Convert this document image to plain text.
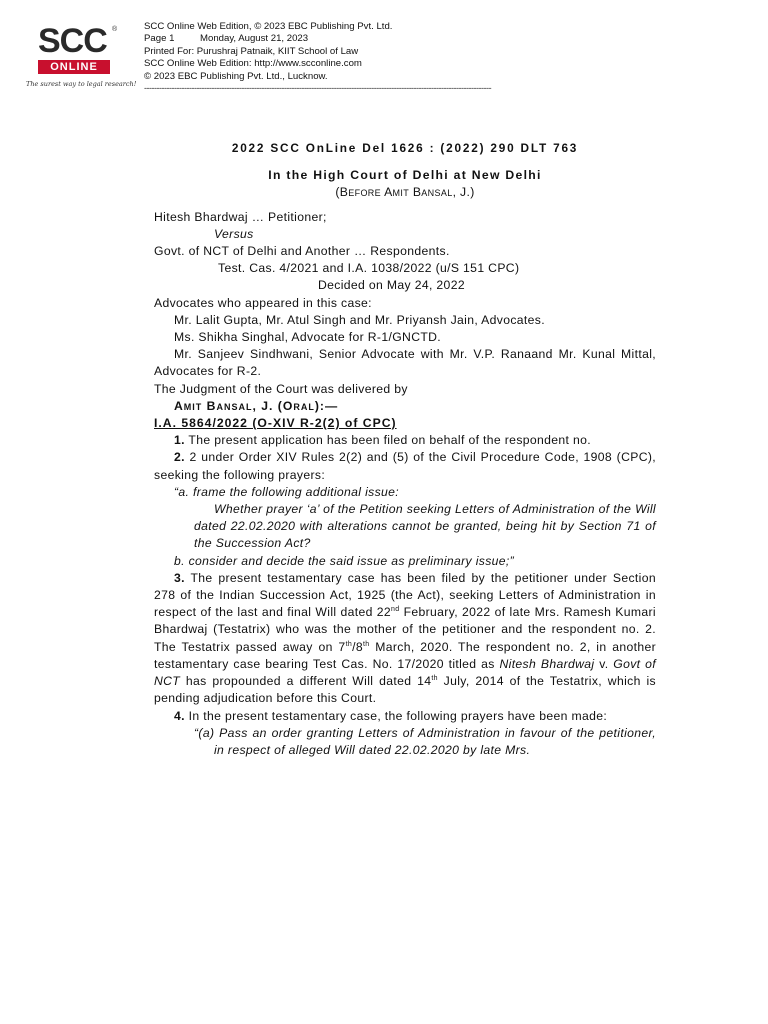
SCC ®
ONLINE
The surest way to legal research!
SCC Online Web Edition, © 2023 EBC Publishing Pvt. Ltd.
Page 1	Monday, August 21, 2023
Printed For: Purushraj Patnaik, KIIT School of Law
SCC Online Web Edition: http://www.scconline.com
© 2023 EBC Publishing Pvt. Ltd., Lucknow.
-------------------------------------------------------------------------------------------------------------------------------------------
2022 SCC OnLine Del 1626 : (2022) 290 DLT 763
In the High Court of Delhi at New Delhi
(Before Amit Bansal, J.)
Hitesh Bhardwaj … Petitioner;
Versus
Govt. of NCT of Delhi and Another … Respondents.
Test. Cas. 4/2021 and I.A. 1038/2022 (u/S 151 CPC)
Decided on May 24, 2022
Advocates who appeared in this case:
Mr. Lalit Gupta, Mr. Atul Singh and Mr. Priyansh Jain, Advocates.
Ms. Shikha Singhal, Advocate for R-1/GNCTD.
Mr. Sanjeev Sindhwani, Senior Advocate with Mr. V.P. Ranaand Mr. Kunal Mittal, Advocates for R-2.
The Judgment of the Court was delivered by
Amit Bansal, J. (Oral):—
I.A. 5864/2022 (O-XIV R-2(2) of CPC)
1. The present application has been filed on behalf of the respondent no.
2. 2 under Order XIV Rules 2(2) and (5) of the Civil Procedure Code, 1908 (CPC), seeking the following prayers:
“a. frame the following additional issue:
Whether prayer ‘a’ of the Petition seeking Letters of Administration of the Will dated 22.02.2020 with alterations cannot be granted, being hit by Section 71 of the Succession Act?
b. consider and decide the said issue as preliminary issue;”
3. The present testamentary case has been filed by the petitioner under Section 278 of the Indian Succession Act, 1925 (the Act), seeking Letters of Administration in respect of the last and final Will dated 22nd February, 2022 of late Mrs. Ramesh Kumari Bhardwaj (Testatrix) who was the mother of the petitioner and the respondent no. 2. The Testatrix passed away on 7th/8th March, 2020. The respondent no. 2, in another testamentary case bearing Test Cas. No. 17/2020 titled as Nitesh Bhardwaj v. Govt of NCT has propounded a different Will dated 14th July, 2014 of the Testatrix, which is pending adjudication before this Court.
4. In the present testamentary case, the following prayers have been made:
“(a) Pass an order granting Letters of Administration in favour of the petitioner, in respect of alleged Will dated 22.02.2020 by late Mrs.
